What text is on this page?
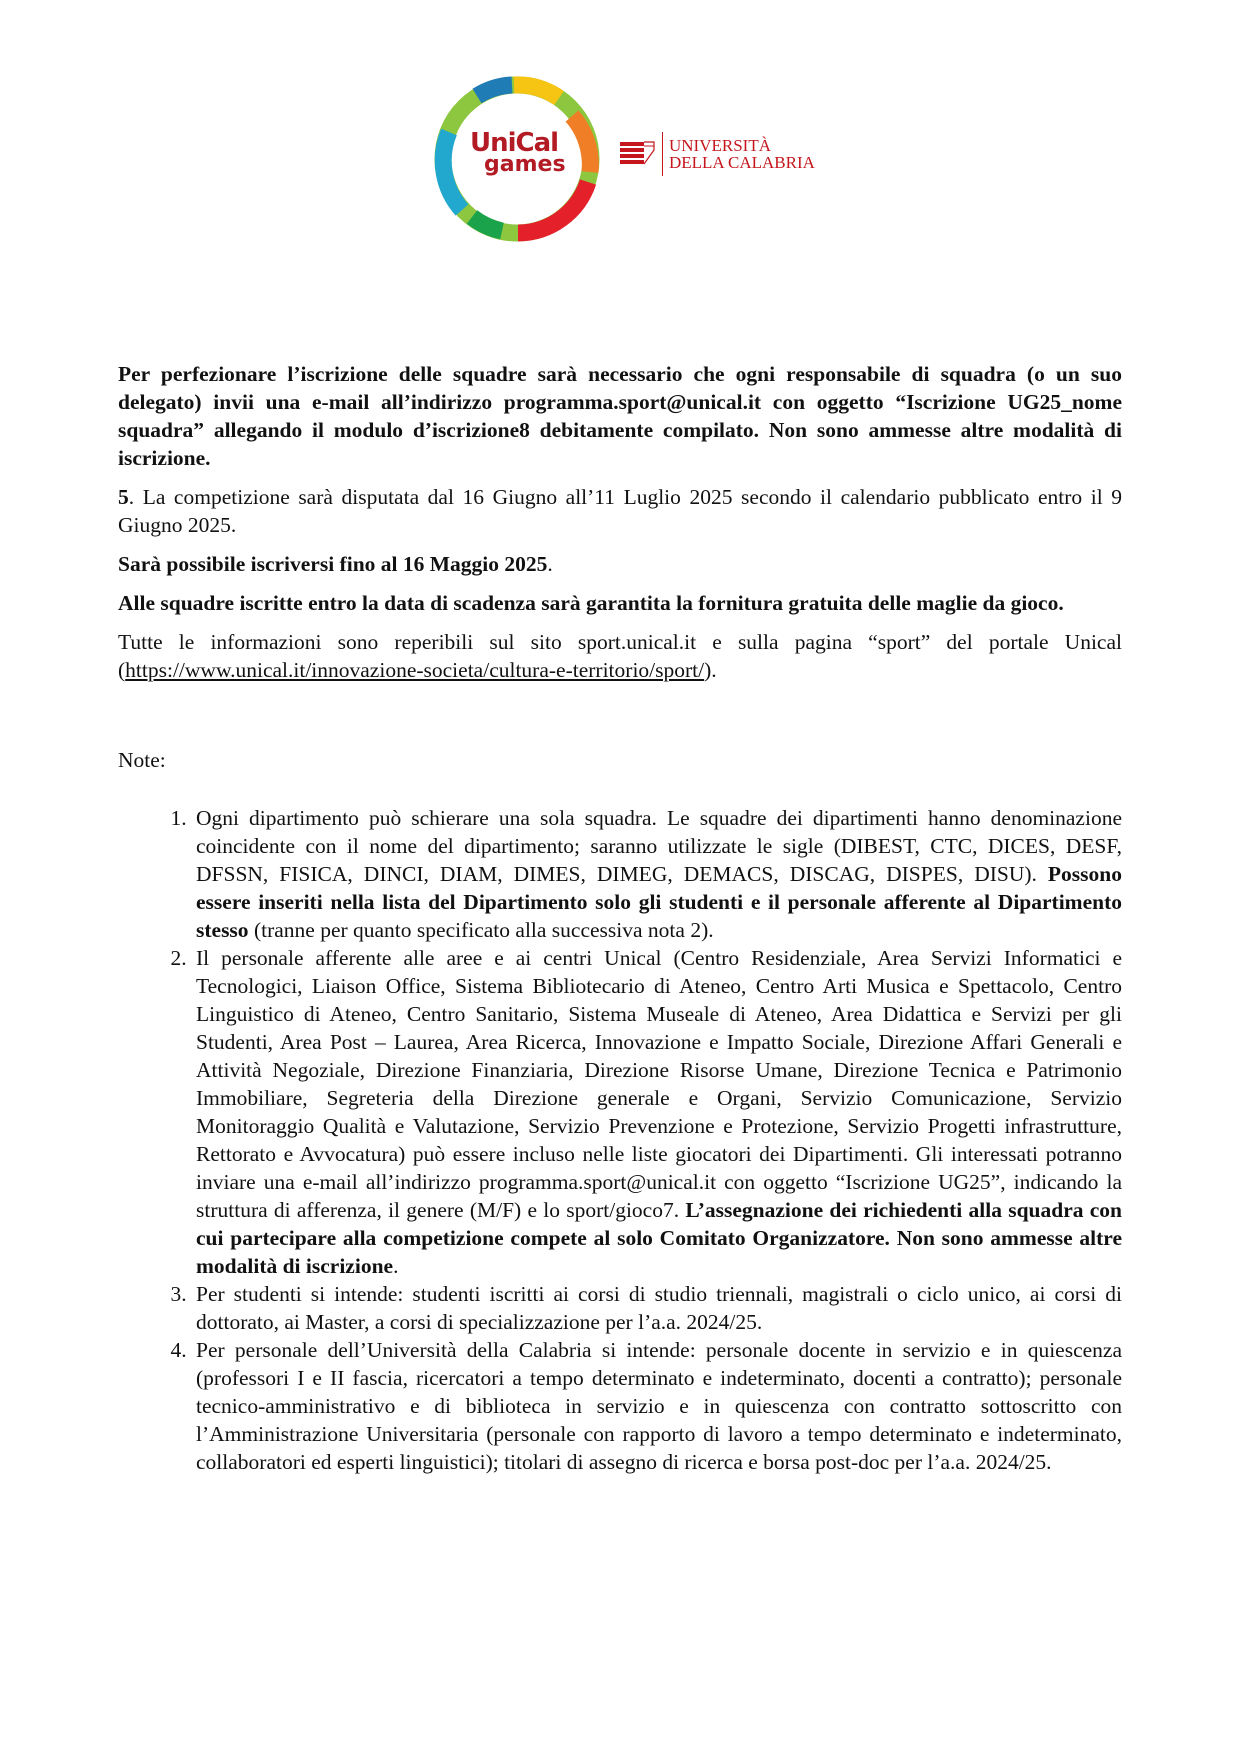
UniCal
games
UNIVERSITÀ
DELLA CALABRIA

Per perfezionare l’iscrizione delle squadre sarà necessario che ogni responsabile di squadra (o un suo delegato) invii una e-mail all’indirizzo programma.sport@unical.it con oggetto “Iscrizione UG25_nome squadra” allegando il modulo d’iscrizione8 debitamente compilato. Non sono ammesse altre modalità di iscrizione.

5. La competizione sarà disputata dal 16 Giugno all’11 Luglio 2025 secondo il calendario pubblicato entro il 9 Giugno 2025.

Sarà possibile iscriversi fino al 16 Maggio 2025.

Alle squadre iscritte entro la data di scadenza sarà garantita la fornitura gratuita delle maglie da gioco.

Tutte le informazioni sono reperibili sul sito sport.unical.it e sulla pagina “sport” del portale Unical (https://www.unical.it/innovazione-societa/cultura-e-territorio/sport/).

Note:

1. Ogni dipartimento può schierare una sola squadra. Le squadre dei dipartimenti hanno denominazione coincidente con il nome del dipartimento; saranno utilizzate le sigle (DIBEST, CTC, DICES, DESF, DFSSN, FISICA, DINCI, DIAM, DIMES, DIMEG, DEMACS, DISCAG, DISPES, DISU). Possono essere inseriti nella lista del Dipartimento solo gli studenti e il personale afferente al Dipartimento stesso (tranne per quanto specificato alla successiva nota 2).
2. Il personale afferente alle aree e ai centri Unical (Centro Residenziale, Area Servizi Informatici e Tecnologici, Liaison Office, Sistema Bibliotecario di Ateneo, Centro Arti Musica e Spettacolo, Centro Linguistico di Ateneo, Centro Sanitario, Sistema Museale di Ateneo, Area Didattica e Servizi per gli Studenti, Area Post – Laurea, Area Ricerca, Innovazione e Impatto Sociale, Direzione Affari Generali e Attività Negoziale, Direzione Finanziaria, Direzione Risorse Umane, Direzione Tecnica e Patrimonio Immobiliare, Segreteria della Direzione generale e Organi, Servizio Comunicazione, Servizio Monitoraggio Qualità e Valutazione, Servizio Prevenzione e Protezione, Servizio Progetti infrastrutture, Rettorato e Avvocatura) può essere incluso nelle liste giocatori dei Dipartimenti. Gli interessati potranno inviare una e-mail all’indirizzo programma.sport@unical.it con oggetto “Iscrizione UG25”, indicando la struttura di afferenza, il genere (M/F) e lo sport/gioco7. L’assegnazione dei richiedenti alla squadra con cui partecipare alla competizione compete al solo Comitato Organizzatore. Non sono ammesse altre modalità di iscrizione.
3. Per studenti si intende: studenti iscritti ai corsi di studio triennali, magistrali o ciclo unico, ai corsi di dottorato, ai Master, a corsi di specializzazione per l’a.a. 2024/25.
4. Per personale dell’Università della Calabria si intende: personale docente in servizio e in quiescenza (professori I e II fascia, ricercatori a tempo determinato e indeterminato, docenti a contratto); personale tecnico-amministrativo e di biblioteca in servizio e in quiescenza con contratto sottoscritto con l’Amministrazione Universitaria (personale con rapporto di lavoro a tempo determinato e indeterminato, collaboratori ed esperti linguistici); titolari di assegno di ricerca e borsa post-doc per l’a.a. 2024/25.
